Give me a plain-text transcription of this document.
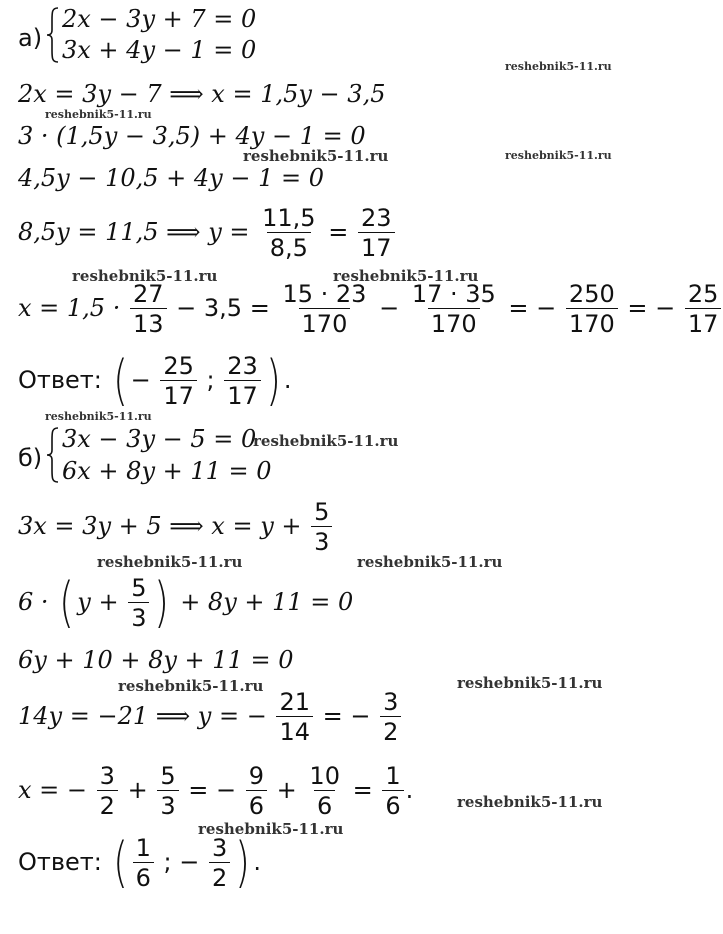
а)
2x − 3y + 7 = 0
3x + 4y − 1 = 0
2x = 3y − 7 ⟹ x = 1,5y − 3,5
3 · (1,5y − 3,5) + 4y − 1 = 0
4,5y − 10,5 + 4y − 1 = 0
8,5y = 11,5 ⟹ $y = \frac{11,5}{8,5} = \frac{23}{17}$
$x = 1,5 \cdot \frac{27}{13} - 3,5 = \frac{15 \cdot 23}{170} - \frac{17 \cdot 35}{170}$ = − $\frac{250}{170}$ = − $\frac{25}{17}$
Ответ: ( − $\frac{25}{17}$ ; $\frac{23}{17}$ ) .
б)
3x − 3y − 5 = 0
6x + 8y + 11 = 0
3x = 3y + 5 ⟹ $x = y + \frac{5}{3}$
6 · ( $y + \frac{5}{3}$ ) + 8y + 11 = 0
6y + 10 + 8y + 11 = 0
14y = −21 ⟹ y = − $\frac{21}{14}$ = − $\frac{3}{2}$
x = − $\frac{3}{2} + \frac{5}{3}$ = − $\frac{9}{6} + \frac{10}{6} = \frac{1}{6}$ .
Ответ: ( $\frac{1}{6}$ ; − $\frac{3}{2}$ ) .
reshebnik5-11.ru
reshebnik5-11.ru
reshebnik5-11.ru	reshebnik5-11.ru
reshebnik5-11.ru	reshebnik5-11.ru
reshebnik5-11.ru
reshebnik5-11.ru
reshebnik5-11.ru	reshebnik5-11.ru
reshebnik5-11.ru	reshebnik5-11.ru
reshebnik5-11.ru
reshebnik5-11.ru
